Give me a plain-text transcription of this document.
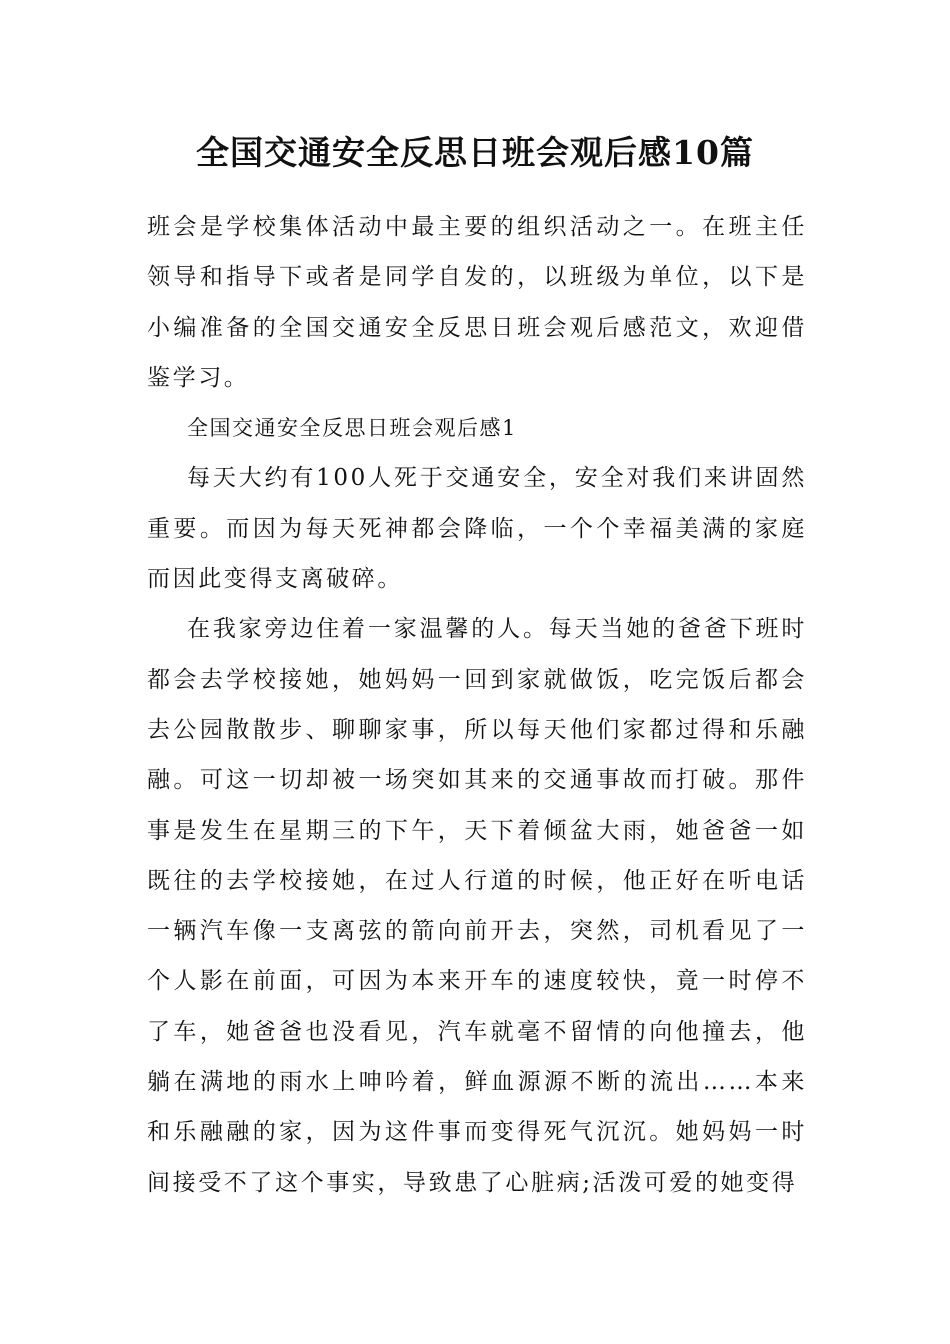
全国交通安全反思日班会观后感10篇

班会是学校集体活动中最主要的组织活动之一。在班主任领导和指导下或者是同学自发的，以班级为单位，以下是小编准备的全国交通安全反思日班会观后感范文，欢迎借鉴学习。

全国交通安全反思日班会观后感1

每天大约有100人死于交通安全，安全对我们来讲固然重要。而因为每天死神都会降临，一个个幸福美满的家庭而因此变得支离破碎。

在我家旁边住着一家温馨的人。每天当她的爸爸下班时都会去学校接她，她妈妈一回到家就做饭，吃完饭后都会去公园散散步、聊聊家事，所以每天他们家都过得和乐融融。可这一切却被一场突如其来的交通事故而打破。那件事是发生在星期三的下午，天下着倾盆大雨，她爸爸一如既往的去学校接她，在过人行道的时候，他正好在听电话一辆汽车像一支离弦的箭向前开去，突然，司机看见了一个人影在前面，可因为本来开车的速度较快，竟一时停不了车，她爸爸也没看见，汽车就毫不留情的向他撞去，他躺在满地的雨水上呻吟着，鲜血源源不断的流出……本来和乐融融的家，因为这件事而变得死气沉沉。她妈妈一时间接受不了这个事实，导致患了心脏病;活泼可爱的她变得
